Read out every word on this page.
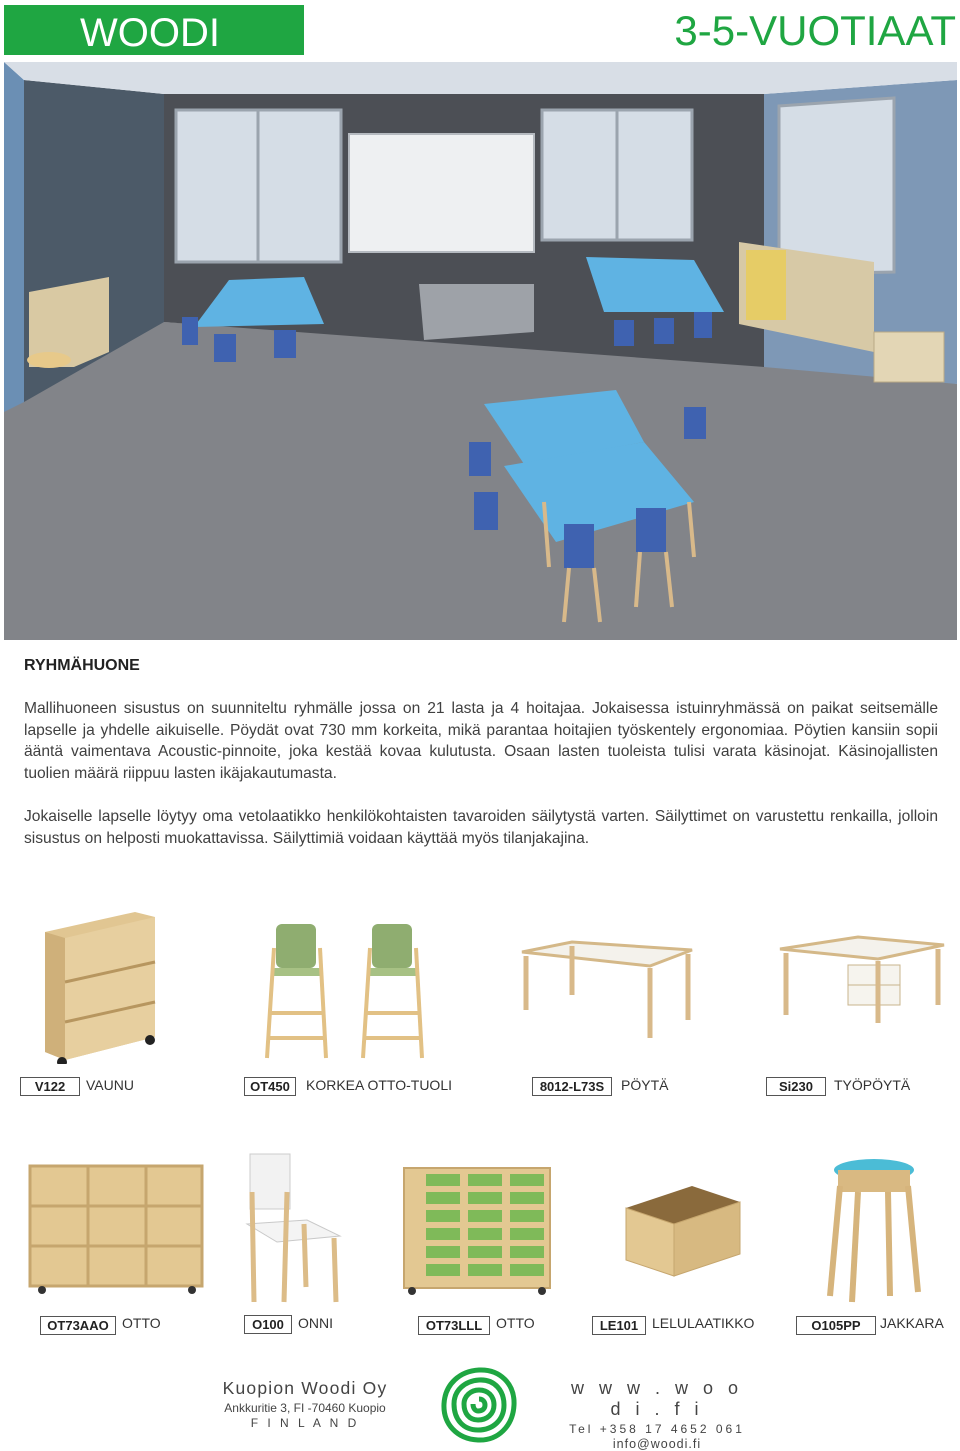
WOODI	3-5-VUOTIAAT
RYHMÄHUONE

Mallihuoneen sisustus on suunniteltu ryhmälle jossa on 21 lasta ja 4 hoitajaa. Jokaisessa istuinryhmässä on paikat seitsemälle lapselle ja yhdelle aikuiselle. Pöydät ovat 730 mm korkeita, mikä parantaa hoitajien työskentely ergonomiaa. Pöytien kansiin sopii ääntä vaimentava Acoustic-pinnoite, joka kestää kovaa kulutusta. Osaan lasten tuoleista tulisi varata käsinojat. Käsinojallisten tuolien määrä riippuu lasten ikäjakautumasta.

Jokaiselle lapselle löytyy oma vetolaatikko henkilökohtaisten tavaroiden säilytystä varten. Säilyttimet on varustettu renkailla, jolloin sisustus on helposti muokattavissa. Säilyttimiä voidaan käyttää myös tilanjakajina.

V122	VAUNU	OT450	KORKEA OTTO-TUOLI	8012-L73S	PÖYTÄ	Si230	TYÖPÖYTÄ
OT73AAO OTTO	O100	ONNI	OT73LLL OTTO	LE101 LELULAATIKKO	O105PP	JAKKARA
Kuopion Woodi Oy
Ankkuritie 3, FI -70460 Kuopio
F I N L A N D
w w w . w o o d i . f i
Tel +358 17 4652 061
info@woodi.fi
